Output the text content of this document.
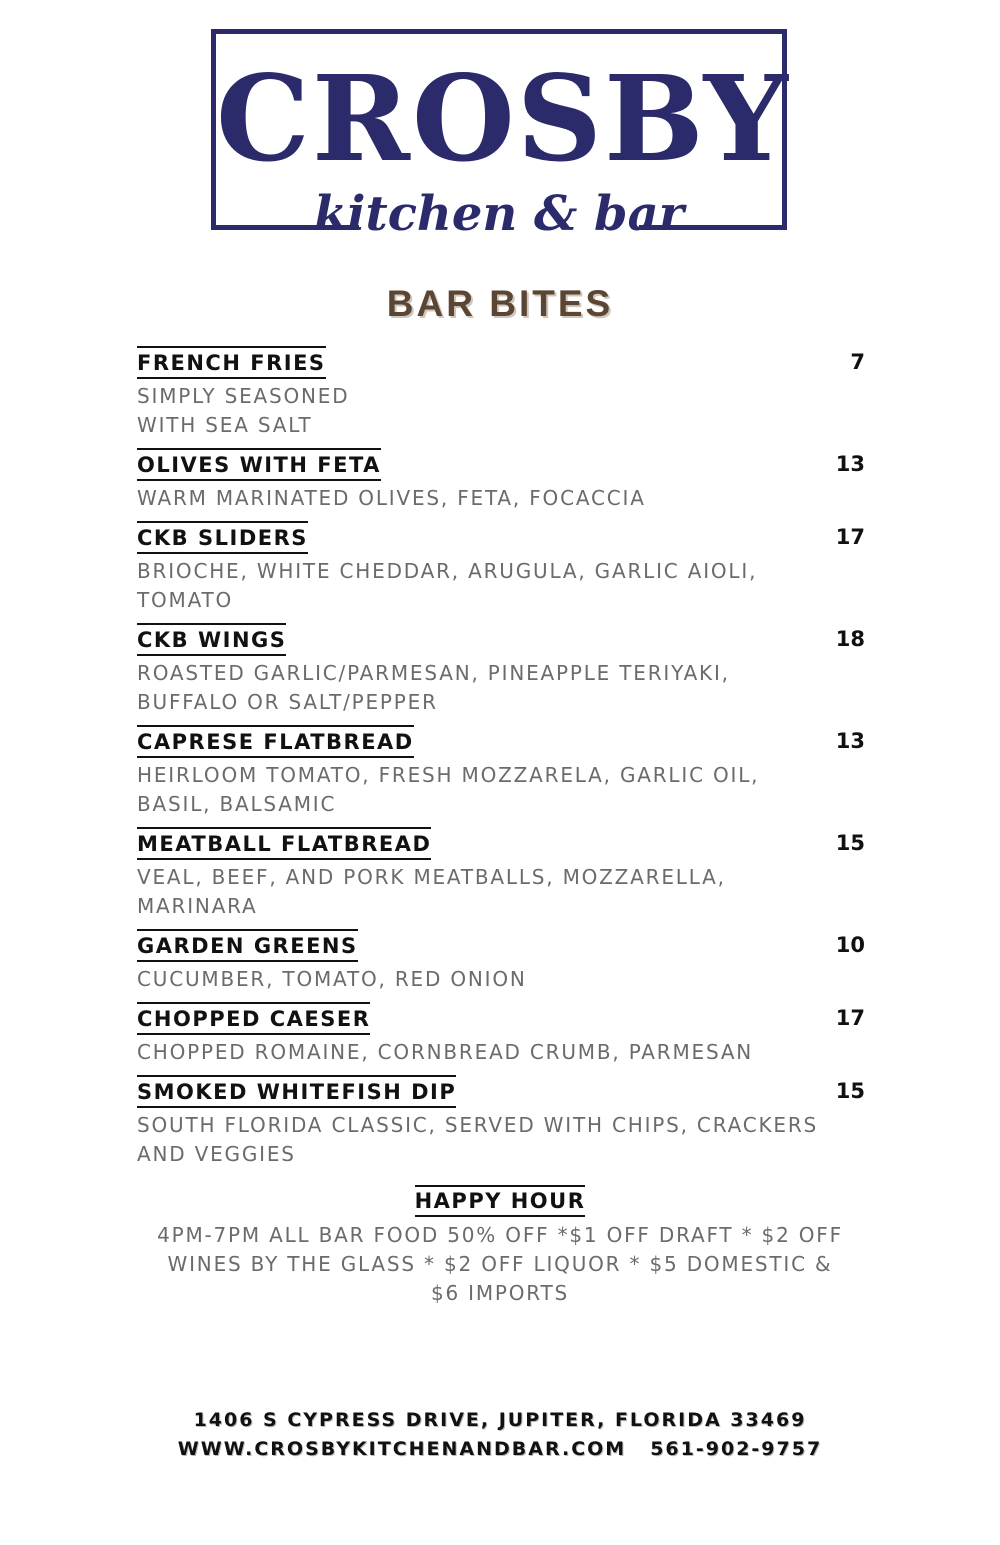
CROSBY
kitchen & bar
BAR BITES
FRENCH FRIES	7
SIMPLY SEASONED
WITH SEA SALT
OLIVES WITH FETA	13
WARM MARINATED OLIVES, FETA, FOCACCIA
CKB SLIDERS	17
BRIOCHE, WHITE CHEDDAR, ARUGULA, GARLIC AIOLI,
TOMATO
CKB WINGS	18
ROASTED GARLIC/PARMESAN, PINEAPPLE TERIYAKI,
BUFFALO OR SALT/PEPPER
CAPRESE FLATBREAD	13
HEIRLOOM TOMATO, FRESH MOZZARELA, GARLIC OIL,
BASIL, BALSAMIC
MEATBALL FLATBREAD	15
VEAL, BEEF, AND PORK MEATBALLS, MOZZARELLA,
MARINARA
GARDEN GREENS	10
CUCUMBER, TOMATO, RED ONION
CHOPPED CAESER	17
CHOPPED ROMAINE, CORNBREAD CRUMB, PARMESAN
SMOKED WHITEFISH DIP	15
SOUTH FLORIDA CLASSIC, SERVED WITH CHIPS, CRACKERS
AND VEGGIES
HAPPY HOUR
4PM-7PM ALL BAR FOOD 50% OFF *$1 OFF DRAFT * $2 OFF
WINES BY THE GLASS * $2 OFF LIQUOR * $5 DOMESTIC &
$6 IMPORTS
1406 S CYPRESS DRIVE, JUPITER, FLORIDA 33469
WWW.CROSBYKITCHENANDBAR.COM 561-902-9757
